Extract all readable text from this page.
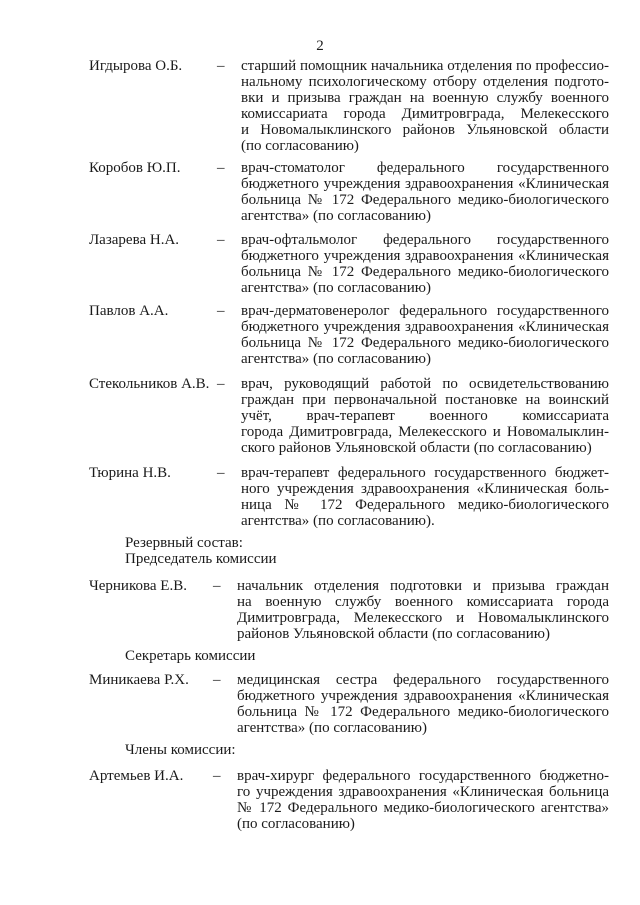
2
Игдырова О.Б. – старший помощник начальника отделения по профессио-
нальному психологическому отбору отделения подгото-
вки и призыва граждан на военную службу военного
комиссариата города Димитровграда, Мелекесского
и Новомалыклинского районов Ульяновской области
(по согласованию)
Коробов Ю.П. – врач-стоматолог федерального государственного
бюджетного учреждения здравоохранения «Клиническая
больница № 172 Федерального медико-биологического
агентства» (по согласованию)
Лазарева Н.А.	– врач-офтальмолог федерального государственного
бюджетного учреждения здравоохранения «Клиническая
больница № 172 Федерального медико-биологического
агентства» (по согласованию)
Павлов А.А.	– врач-дерматовенеролог федерального государственного
бюджетного учреждения здравоохранения «Клиническая
больница № 172 Федерального медико-биологического
агентства» (по согласованию)
Стекольников А.В. – врач, руководящий работой по освидетельствованию
граждан при первоначальной постановке на воинский
учёт, врач-терапевт военного комиссариата
города Димитровграда, Мелекесского и Новомалыклин-
ского районов Ульяновской области (по согласованию)
Тюрина Н.В.	– врач-терапевт федерального государственного бюджет-
ного учреждения здравоохранения «Клиническая боль-
ница № 172 Федерального медико-биологического
агентства» (по согласованию).
Резервный состав:
Председатель комиссии
Черникова Е.В. – начальник отделения подготовки и призыва граждан
на военную службу военного комиссариата города
Димитровграда, Мелекесского и Новомалыклинского
районов Ульяновской области (по согласованию)
Секретарь комиссии
Миникаева Р.Х. – медицинская сестра федерального государственного
бюджетного учреждения здравоохранения «Клиническая
больница № 172 Федерального медико-биологического
агентства» (по согласованию)
Члены комиссии:
Артемьев И.А. – врач-хирург федерального государственного бюджетно-
го учреждения здравоохранения «Клиническая больница
№ 172 Федерального медико-биологического агентства»
(по согласованию)
